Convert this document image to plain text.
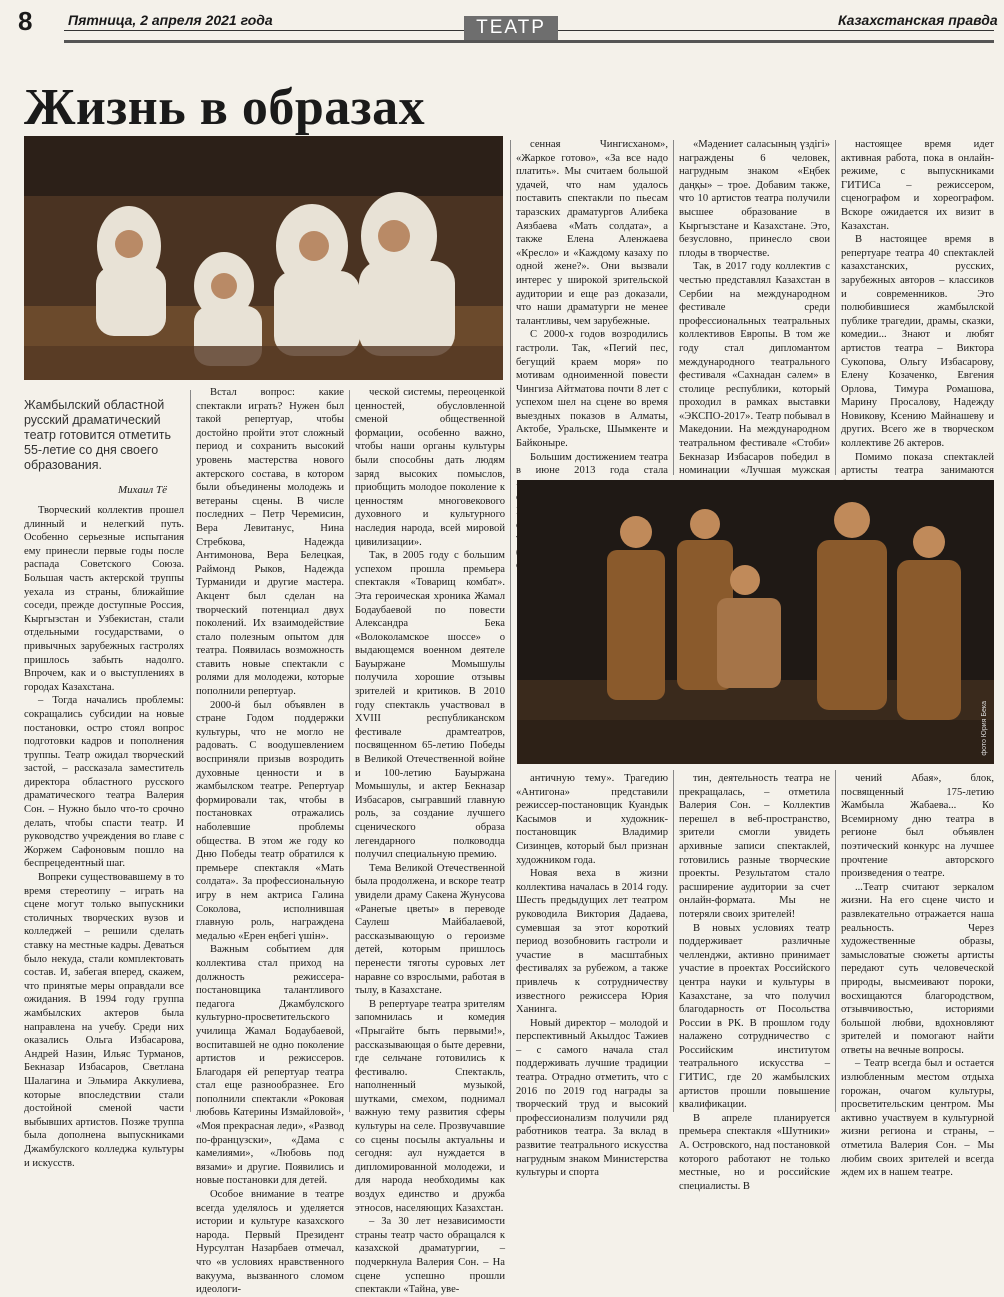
8	Пятница, 2 апреля 2021 года	ТЕАТР	Казахстанская правда
Жизнь в образах
Жамбылский областной русский драматический театр готовится отметить 55-летие со дня своего образования.
Михаил Тё

Творческий коллектив прошел длинный и нелегкий путь. Особенно серьезные испытания ему принесли первые годы после распада Советского Союза. Большая часть актерской труппы уехала из страны, ближайшие соседи, прежде доступные Россия, Кыргызстан и Узбекистан, стали отдельными государствами, о привычных зарубежных гастролях пришлось забыть надолго. Впрочем, как и о выступлениях в городах Казахстана.

– Тогда начались проблемы: сокращались субсидии на новые постановки, остро стоял вопрос подготовки кадров и пополнения труппы. Театр ожидал творческий застой, – рассказала заместитель директора областного русского драматического театра Валерия Сон. – Нужно было что-то срочно делать, чтобы спасти театр. И руководство учреждения во главе с Жоржем Сафоновым пошло на беспрецедентный шаг.

Вопреки существовавшему в то время стереотипу – играть на сцене могут только выпускники столичных творческих вузов и колледжей – решили сделать ставку на местные кадры. Деваться было некуда, стали комплектовать состав. И, забегая вперед, скажем, что принятые меры оправдали все ожидания. В 1994 году группа жамбылских актеров была направлена на учебу. Среди них оказались Ольга Избасарова, Андрей Назин, Ильяс Турманов, Бекназар Избасаров, Светлана Шалагина и Эльмира Аккулиева, которые впоследствии стали достойной сменой части выбывших артистов. Позже труппа была дополнена выпускниками Джамбулского колледжа культуры и искусств.

Встал вопрос: какие спектакли играть? Нужен был такой репертуар, чтобы достойно пройти этот сложный период и сохранить высокий уровень мастерства нового актерского состава, в котором были объединены молодежь и ветераны сцены. В числе последних – Петр Черемисин, Вера Левитанус, Нина Стребкова, Надежда Антимонова, Вера Белецкая, Раймонд Рыков, Надежда Турманиди и другие мастера. Акцент был сделан на творческий потенциал двух поколений. Их взаимодействие стало полезным опытом для театра. Появилась возможность ставить новые спектакли с ролями для молодежи, которые пополнили репертуар.

2000-й был объявлен в стране Годом поддержки культуры, что не могло не радовать. С воодушевлением восприняли призыв возродить духовные ценности и в жамбылском театре. Репертуар формировали так, чтобы в постановках отражались наболевшие проблемы общества. В этом же году ко Дню Победы театр обратился к премьере спектакля «Мать солдата». За профессиональную игру в нем актриса Галина Соколова, исполнившая главную роль, награждена медалью «Ерен еңбегі үшін».

Важным событием для коллектива стал приход на должность режиссера-постановщика талантливого педагога Джамбулского культурно-просветительского училища Жамал Бодаубаевой, воспитавшей не одно поколение артистов и режиссеров. Благодаря ей репертуар театра стал еще разнообразнее. Его пополнили спектакли «Роковая любовь Катерины Измайловой», «Моя прекрасная леди», «Развод по-французски», «Дама с камелиями», «Любовь под вязами» и другие. Появились и новые постановки для детей.

Особое внимание в театре всегда уделялось и уделяется истории и культуре казахского народа. Первый Президент Нурсултан Назарбаев отмечал, что «в условиях нравственного вакуума, вызванного сломом идеологи-

ческой системы, переоценкой ценностей, обусловленной сменой общественной формации, особенно важно, чтобы наши органы культуры были способны дать людям заряд высоких помыслов, приобщить молодое поколение к ценностям многовекового духовного и культурного наследия народа, всей мировой цивилизации».

Так, в 2005 году с большим успехом прошла премьера спектакля «Товарищ комбат». Эта героическая хроника Жамал Бодаубаевой по повести Александра Бека «Волоколамское шоссе» о выдающемся военном деятеле Бауыржане Момышулы получила хорошие отзывы зрителей и критиков. В 2010 году спектакль участвовал в XVIII республиканском фестивале драмтеатров, посвященном 65-летию Победы в Великой Отечественной войне и 100-летию Бауыржана Момышулы, и актер Бекназар Избасаров, сыгравший главную роль, за создание лучшего сценического образа легендарного полководца получил специальную премию.

Тема Великой Отечественной была продолжена, и вскоре театр увидели драму Сакена Жунусова «Ранеrые цветы» в переводе Саулеш Майбалаевой, рассказывающую о героизме детей, которым пришлось перенести тяготы суровых лет наравне со взрослыми, работая в тылу, в Казахстане.

В репертуаре театра зрителям запомнилась и комедия «Прыгайте быть первыми!», рассказывающая о быте деревни, где сельчане готовились к фестивалю. Спектакль, наполненный музыкой, шутками, смехом, поднимал важную тему развития сферы культуры на селе. Прозвучавшие со сцены посылы актуальны и сегодня: аул нуждается в дипломированной молодежи, и для народа необходимы как воздух единство и дружба этносов, населяющих Казахстан.

– За 30 лет независимости страны театр часто обращался к казахской драматургии, – подчеркнула Валерия Сон. – На сцене успешно прошли спектакли «Тайна, уве-

сенная Чингисханом», «Жаркое готово», «За все надо платить». Мы считаем большой удачей, что нам удалось поставить спектакли по пьесам таразских драматургов Алибека Аязбаева «Мать солдата», а также Елена Аленжаева «Кресло» и «Каждому казаху по одной жене?». Они вызвали интерес у широкой зрительской аудитории и еще раз доказали, что наши драматурги не менее талантливы, чем зарубежные.

С 2000-х годов возродились гастроли. Так, «Пегий пес, бегущий краем моря» по мотивам одноименной повести Чингиза Айтматова почти 8 лет с успехом шел на сцене во время выездных показов в Алматы, Актобе, Уральске, Шымкенте и Байконыре.

Большим достижением театра в июне 2013 года стала

«Мәдениет саласының үздігі» награждены 6 человек, нагрудным знаком «Еңбек даңқы» – трое. Добавим также, что 10 артистов театра получили высшее образование в Кыргызстане и Казахстане. Это, безусловно, принесло свои плоды в творчестве.

Так, в 2017 году коллектив с честью представлял Казахстан в Сербии на международном фестивале среди профессиональных театральных коллективов Европы. В том же году стал дипломантом международного театрального фестиваля «Сахнадан сәлем» в столице республики, который проходил в рамках выставки «ЭКСПО-2017». Театр побывал в Македонии. На международном театральном фестивале «Стоби» Бекназар Избасаров победил в номинации «Лучшая мужская

настоящее время идет активная работа, пока в онлайн-режиме, с выпускниками ГИТИСа – режиссером, сценографом и хореографом. Вскоре ожидается их визит в Казахстан.

В настоящее время в репертуаре театра 40 спектаклей казахстанских, русских, зарубежных авторов – классиков и современников. Это полюбившиеся жамбылской публике трагедии, драмы, сказки, комедии... Знают и любят артистов театра – Виктора Сукопова, Ольгу Избасарову, Елену Козаченко, Евгения Орлова, Тимура Ромашова, Марину Просалову, Надежду Новикову, Ксению Майнашеву и других. Всего же в творческом коллективе 26 актеров.

Помимо показа спектаклей артисты театра занимаются

фото Юрия Бека

античную тему». Трагедию «Антигона» представили режиссер-постановщик Куандык Касымов и художник-постановщик Владимир Сизинцев, который был признан художником года.

Новая веха в жизни коллектива началась в 2014 году. Шесть предыдущих лет театром руководила Виктория Дадаева, сумевшая за этот короткий период возобновить гастроли и участие в масштабных фестивалях за рубежом, а также привлечь к сотрудничеству известного режиссера Юрия Ханинга.

Новый директор – молодой и перспективный Акылдос Тажиев – с самого начала стал поддерживать лучшие традиции театра. Отрадно отметить, что с 2016 по 2019 год награды за творческий труд и высокий профессионализм получили ряд работников театра. За вклад в развитие театрального искусства нагрудным знаком Министерства культуры и спорта

тин, деятельность театра не прекращалась, – отметила Валерия Сон. – Коллектив перешел в веб-пространство, зрители смогли увидеть архивные записи спектаклей, готовились разные творческие проекты. Результатом стало расширение аудитории за счет онлайн-формата. Мы не потеряли своих зрителей!

В новых условиях театр поддерживает различные челленджи, активно принимает участие в проектах Российского центра науки и культуры в Казахстане, за что получил благодарность от Посольства России в РК. В прошлом году налажено сотрудничество с Российским институтом театрального искусства – ГИТИС, где 20 жамбылских артистов прошли повышение квалификации.

В апреле планируется премьера спектакля «Шутники» А. Островского, над постановкой которого работают не только местные, но и российские специалисты. В

чений Абая», блок, посвященный 175-летию Жамбыла Жабаева... Ко Всемирному дню театра в регионе был объявлен поэтический конкурс на лучшее прочтение авторского произведения о театре.

...Театр считают зеркалом жизни. На его сцене чисто и развлекательно отражается наша реальность. Через художественные образы, замысловатые сюжеты артисты передают суть человеческой природы, высмеивают пороки, восхищаются благородством, отзывчивостью, историями большой любви, вдохновляют зрителей и помогают найти ответы на вечные вопросы.

– Театр всегда был и остается излюбленным местом отдыха горожан, очагом культуры, просветительским центром. Мы активно участвуем в культурной жизни региона и страны, – отметила Валерия Сон. – Мы любим своих зрителей и всегда ждем их в нашем театре.
